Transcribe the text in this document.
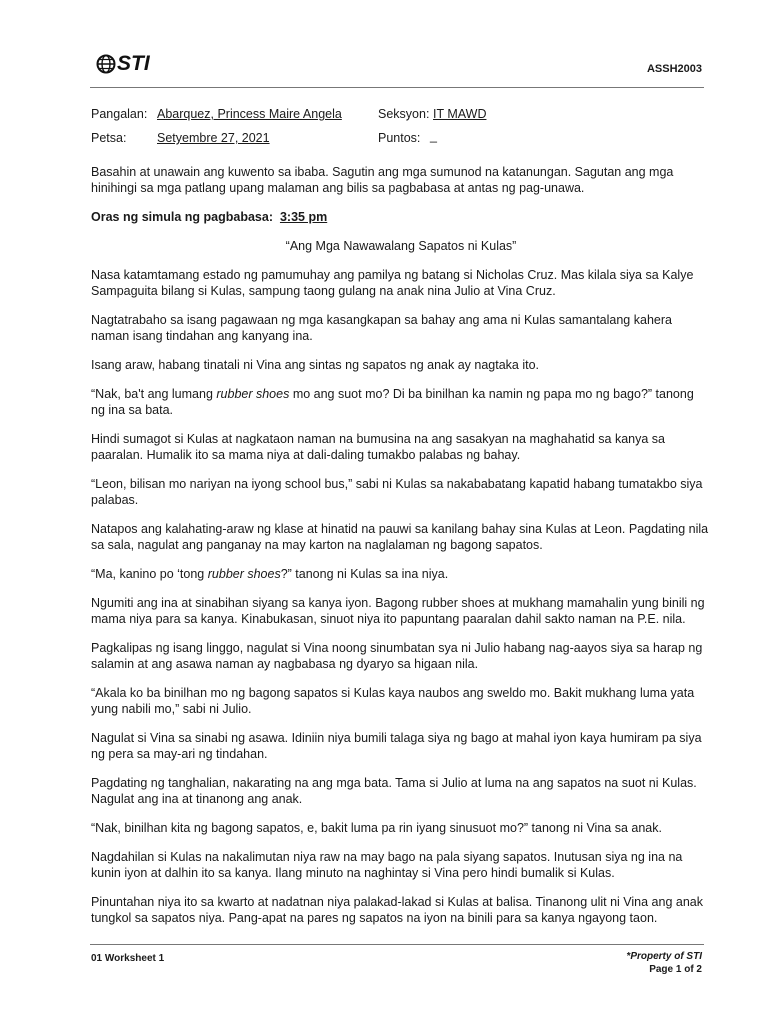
STI	ASSH2003
Pangalan: Abarquez, Princess Maire Angela	Seksyon: IT MAWD
Petsa: Setyembre 27, 2021	Puntos: _

Basahin at unawain ang kuwento sa ibaba. Sagutin ang mga sumunod na katanungan. Sagutan ang mga hinihingi sa mga patlang upang malaman ang bilis sa pagbabasa at antas ng pag-unawa.

Oras ng simula ng pagbabasa: 3:35 pm

“Ang Mga Nawawalang Sapatos ni Kulas”

Nasa katamtamang estado ng pamumuhay ang pamilya ng batang si Nicholas Cruz. Mas kilala siya sa Kalye Sampaguita bilang si Kulas, sampung taong gulang na anak nina Julio at Vina Cruz.

Nagtatrabaho sa isang pagawaan ng mga kasangkapan sa bahay ang ama ni Kulas samantalang kahera naman isang tindahan ang kanyang ina.

Isang araw, habang tinatali ni Vina ang sintas ng sapatos ng anak ay nagtaka ito.

“Nak, ba't ang lumang rubber shoes mo ang suot mo? Di ba binilhan ka namin ng papa mo ng bago?” tanong ng ina sa bata.

Hindi sumagot si Kulas at nagkataon naman na bumusina na ang sasakyan na maghahatid sa kanya sa paaralan. Humalik ito sa mama niya at dali-daling tumakbo palabas ng bahay.

“Leon, bilisan mo nariyan na iyong school bus,” sabi ni Kulas sa nakababatang kapatid habang tumatakbo siya palabas.

Natapos ang kalahating-araw ng klase at hinatid na pauwi sa kanilang bahay sina Kulas at Leon. Pagdating nila sa sala, nagulat ang panganay na may karton na naglalaman ng bagong sapatos.

“Ma, kanino po ‘tong rubber shoes?” tanong ni Kulas sa ina niya.

Ngumiti ang ina at sinabihan siyang sa kanya iyon. Bagong rubber shoes at mukhang mamahalin yung binili ng mama niya para sa kanya. Kinabukasan, sinuot niya ito papuntang paaralan dahil sakto naman na P.E. nila.

Pagkalipas ng isang linggo, nagulat si Vina noong sinumbatan sya ni Julio habang nag-aayos siya sa harap ng salamin at ang asawa naman ay nagbabasa ng dyaryo sa higaan nila.

“Akala ko ba binilhan mo ng bagong sapatos si Kulas kaya naubos ang sweldo mo. Bakit mukhang luma yata yung nabili mo,” sabi ni Julio.

Nagulat si Vina sa sinabi ng asawa. Idiniin niya bumili talaga siya ng bago at mahal iyon kaya humiram pa siya ng pera sa may-ari ng tindahan.

Pagdating ng tanghalian, nakarating na ang mga bata. Tama si Julio at luma na ang sapatos na suot ni Kulas. Nagulat ang ina at tinanong ang anak.

“Nak, binilhan kita ng bagong sapatos, e, bakit luma pa rin iyang sinusuot mo?” tanong ni Vina sa anak.

Nagdahilan si Kulas na nakalimutan niya raw na may bago na pala siyang sapatos. Inutusan siya ng ina na kunin iyon at dalhin ito sa kanya. Ilang minuto na naghintay si Vina pero hindi bumalik si Kulas.

Pinuntahan niya ito sa kwarto at nadatnan niya palakad-lakad si Kulas at balisa. Tinanong ulit ni Vina ang anak tungkol sa sapatos niya. Pang-apat na pares ng sapatos na iyon na binili para sa kanya ngayong taon.

01 Worksheet 1	*Property of STI
Page 1 of 2
